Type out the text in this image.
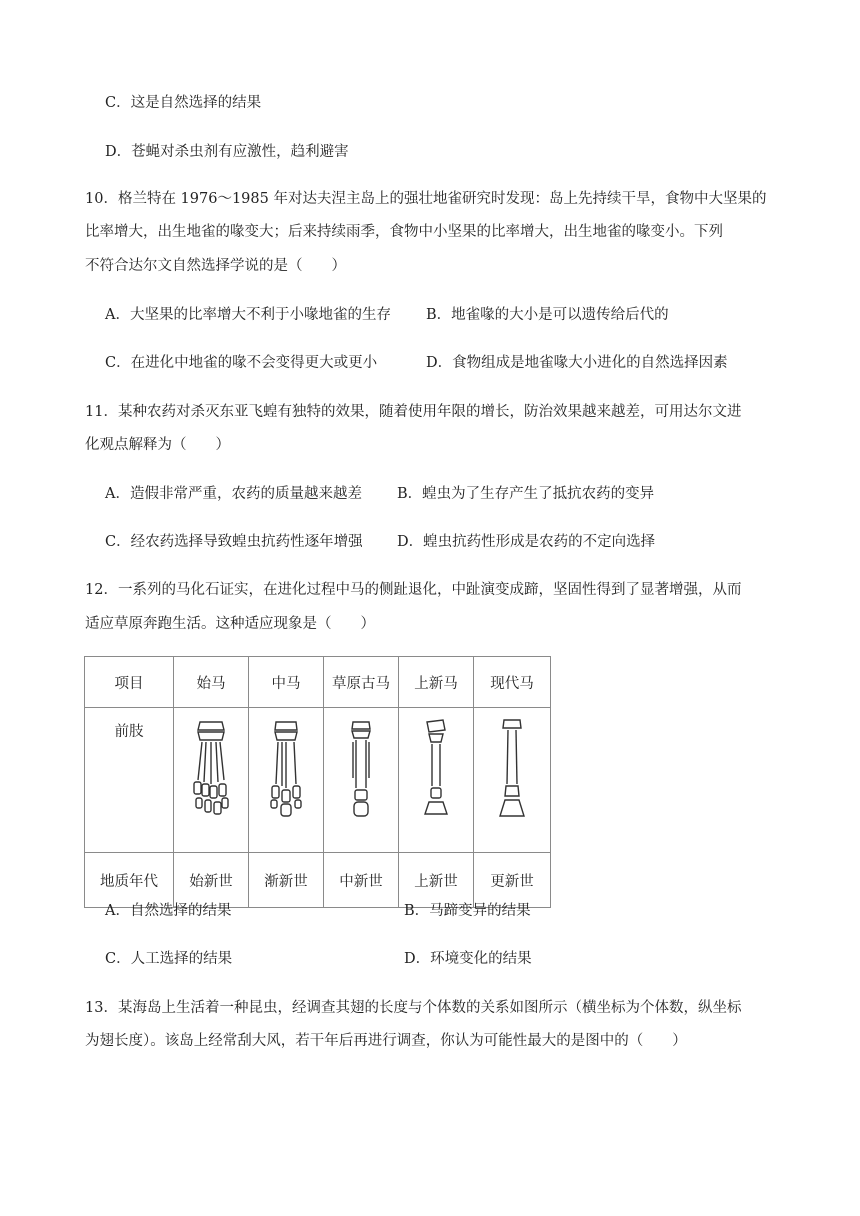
C．这是自然选择的结果
D．苍蝇对杀虫剂有应激性，趋利避害
10．格兰特在 1976～1985 年对达夫涅主岛上的强壮地雀研究时发现：岛上先持续干旱，食物中大坚果的
比率增大，出生地雀的喙变大；后来持续雨季，食物中小坚果的比率增大，出生地雀的喙变小。下列
不符合达尔文自然选择学说的是（　　）
A．大坚果的比率增大不利于小喙地雀的生存 B．地雀喙的大小是可以遗传给后代的
C．在进化中地雀的喙不会变得更大或更小	D．食物组成是地雀喙大小进化的自然选择因素
11．某种农药对杀灭东亚飞蝗有独特的效果，随着使用年限的增长，防治效果越来越差，可用达尔文进
化观点解释为（　　）
A．造假非常严重，农药的质量越来越差 B．蝗虫为了生存产生了抵抗农药的变异
C．经农药选择导致蝗虫抗药性逐年增强 D．蝗虫抗药性形成是农药的不定向选择
12．一系列的马化石证实，在进化过程中马的侧趾退化，中趾演变成蹄，坚固性得到了显著增强，从而
适应草原奔跑生活。这种适应现象是（　　）
项目	始马	中马	草原古马	上新马	现代马
前肢	

地质年代	始新世	渐新世	中新世	上新世	更新世
A．自然选择的结果	B．马蹄变异的结果
C．人工选择的结果	D．环境变化的结果
13．某海岛上生活着一种昆虫，经调查其翅的长度与个体数的关系如图所示（横坐标为个体数，纵坐标
为翅长度）。该岛上经常刮大风，若干年后再进行调查，你认为可能性最大的是图中的（　　）
